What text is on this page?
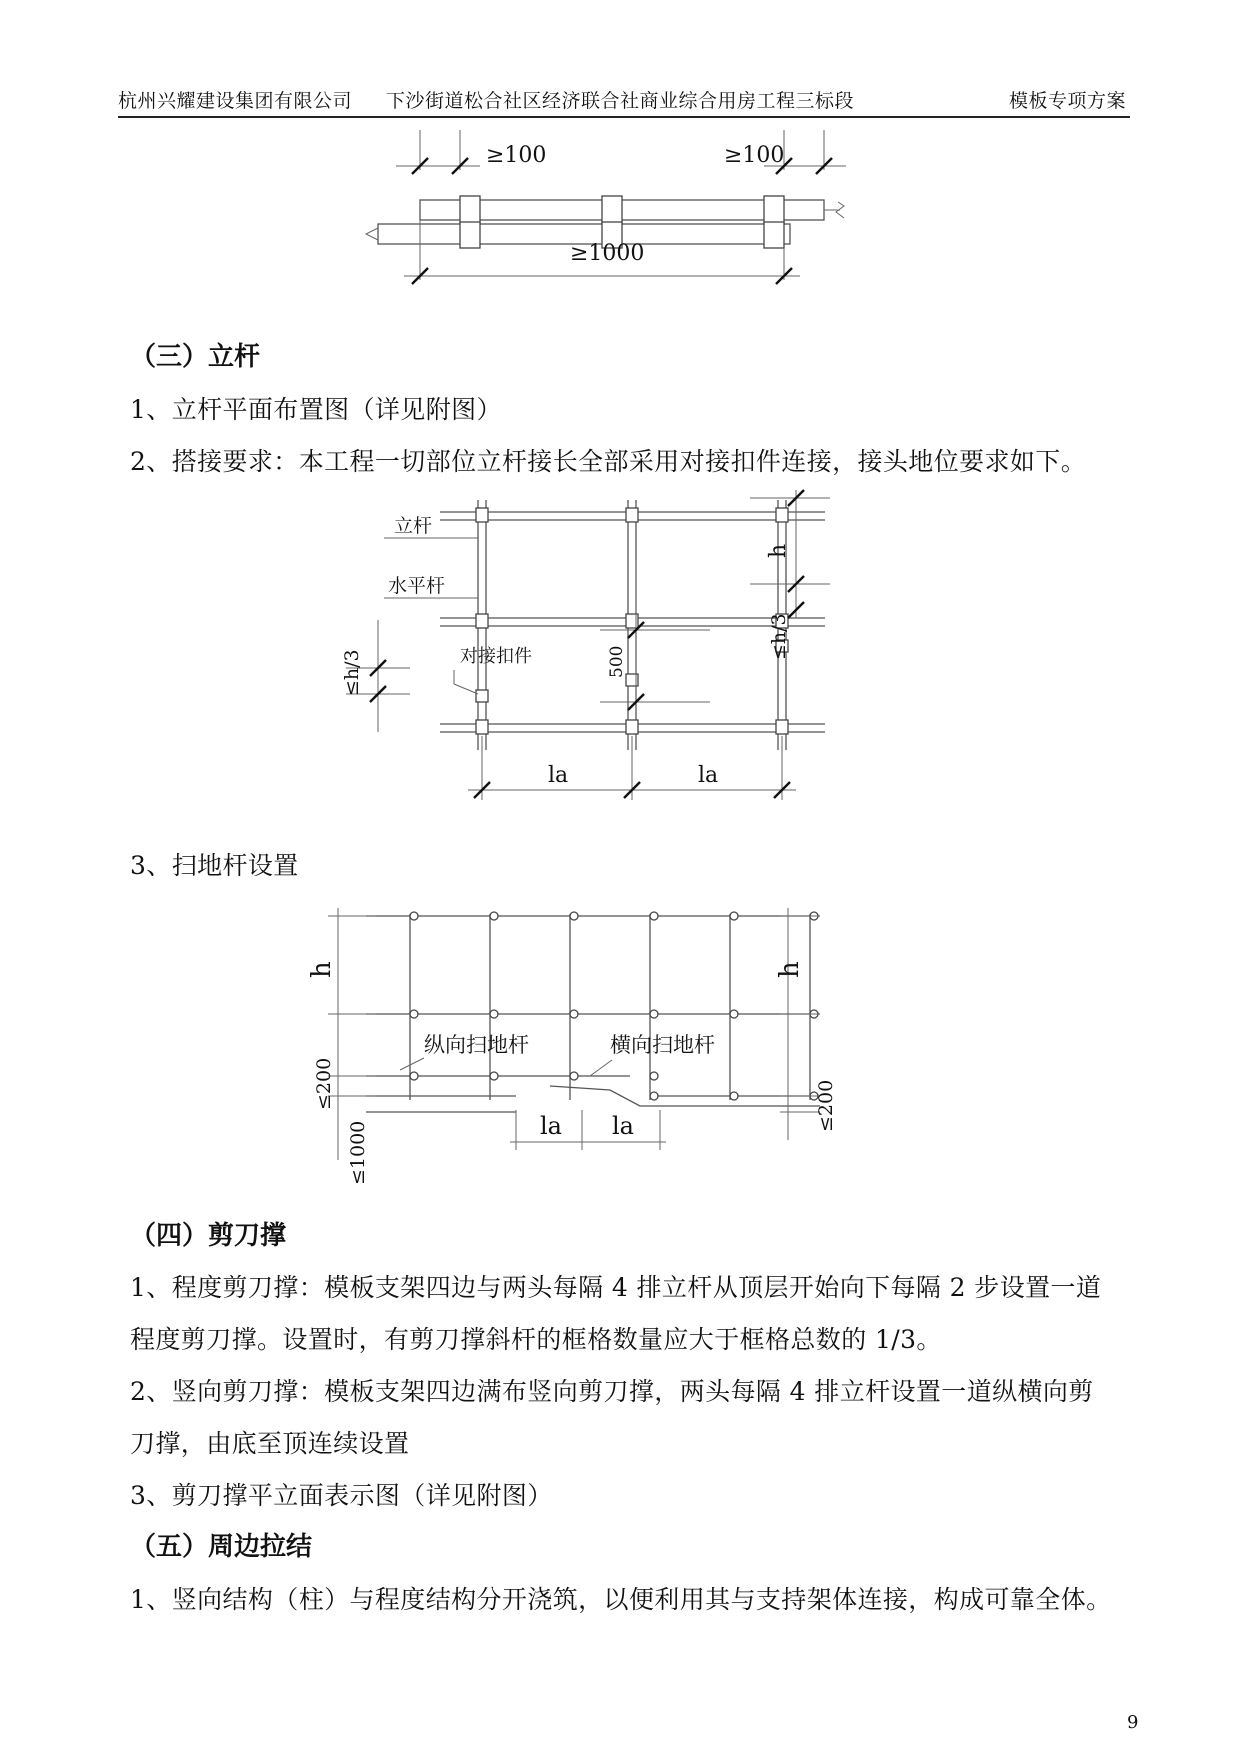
杭州兴耀建设集团有限公司 下沙街道松合社区经济联合社商业综合用房工程三标段	模板专项方案
≥100	≥100
≥1000
（三）立杆
1、立杆平面布置图（详见附图）
2、搭接要求：本工程一切部位立杆接长全部采用对接扣件连接，接头地位要求如下。
立杆
水平杆
对接扣件	500
h
≤h/3
≤h/3
la	la
3、扫地杆设置
h
≤200
≤1000
h
≤200
纵向扫地杆	横向扫地杆
la la
（四）剪刀撑
1、程度剪刀撑：模板支架四边与两头每隔 4 排立杆从顶层开始向下每隔 2 步设置一道
程度剪刀撑。设置时，有剪刀撑斜杆的框格数量应大于框格总数的 1/3。
2、竖向剪刀撑：模板支架四边满布竖向剪刀撑，两头每隔 4 排立杆设置一道纵横向剪
刀撑，由底至顶连续设置
3、剪刀撑平立面表示图（详见附图）
（五）周边拉结
1、竖向结构（柱）与程度结构分开浇筑，以便利用其与支持架体连接，构成可靠全体。
9
